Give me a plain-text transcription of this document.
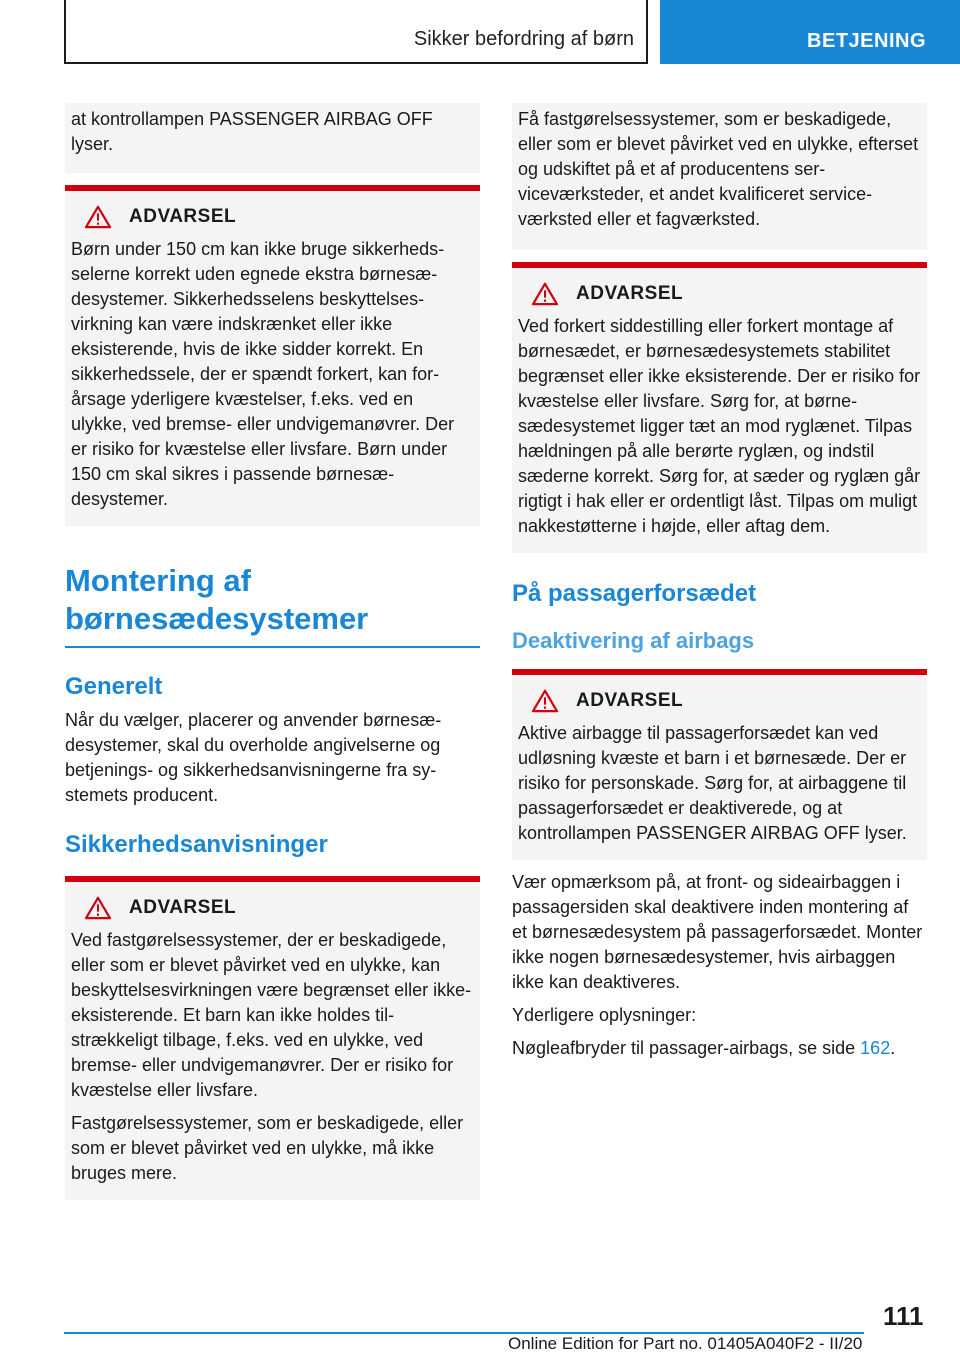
Sikker befordring af børn	BETJENING

at kontrollampen PASSENGER AIRBAG OFF lyser.

ADVARSEL

Børn under 150 cm kan ikke bruge sikkerhedsselerne korrekt uden egnede ekstra børnesædesystemer. Sikkerhedsselens beskyttelsesvirkning kan være indskrænket eller ikke eksisterende, hvis de ikke sidder korrekt. En sikkerhedssele, der er spændt forkert, kan forårsage yderligere kvæstelser, f.eks. ved en ulykke, ved bremse- eller undvigemanøvrer. Der er risiko for kvæstelse eller livsfare. Børn under 150 cm skal sikres i passende børnesædesystemer.

Montering af børnesædesystemer
Generelt

Når du vælger, placerer og anvender børnesædesystemer, skal du overholde angivelserne og betjenings- og sikkerhedsanvisningerne fra systemets producent.

Sikkerhedsanvisninger
ADVARSEL

Ved fastgørelsessystemer, der er beskadigede, eller som er blevet påvirket ved en ulykke, kan beskyttelsesvirkningen være begrænset eller ikke-eksisterende. Et barn kan ikke holdes tilstrækkeligt tilbage, f.eks. ved en ulykke, ved bremse- eller undvigemanøvrer. Der er risiko for kvæstelse eller livsfare.

Fastgørelsessystemer, som er beskadigede, eller som er blevet påvirket ved en ulykke, må ikke bruges mere.

Få fastgørelsessystemer, som er beskadigede, eller som er blevet påvirket ved en ulykke, efterset og udskiftet på et af producentens serviceværksteder, et andet kvalificeret serviceværksted eller et fagværksted.

ADVARSEL

Ved forkert siddestilling eller forkert montage af børnesædet, er børnesædesystemets stabilitet begrænset eller ikke eksisterende. Der er risiko for kvæstelse eller livsfare. Sørg for, at børnesædesystemet ligger tæt an mod ryglænet. Tilpas hældningen på alle berørte ryglæn, og indstil sæderne korrekt. Sørg for, at sæder og ryglæn går rigtigt i hak eller er ordentligt låst. Tilpas om muligt nakkestøtterne i højde, eller aftag dem.

På passagerforsædet
Deaktivering af airbags
ADVARSEL

Aktive airbagge til passagerforsædet kan ved udløsning kvæste et barn i et børnesæde. Der er risiko for personskade. Sørg for, at airbaggene til passagerforsædet er deaktiverede, og at kontrollampen PASSENGER AIRBAG OFF lyser.

Vær opmærksom på, at front- og sideairbaggen i passagersiden skal deaktivere inden montering af et børnesædesystem på passagerforsædet. Monter ikke nogen børnesædesystemer, hvis airbaggen ikke kan deaktiveres.

Yderligere oplysninger:

Nøgleafbryder til passager-airbags, se side 162.

111
Online Edition for Part no. 01405A040F2 - II/20
